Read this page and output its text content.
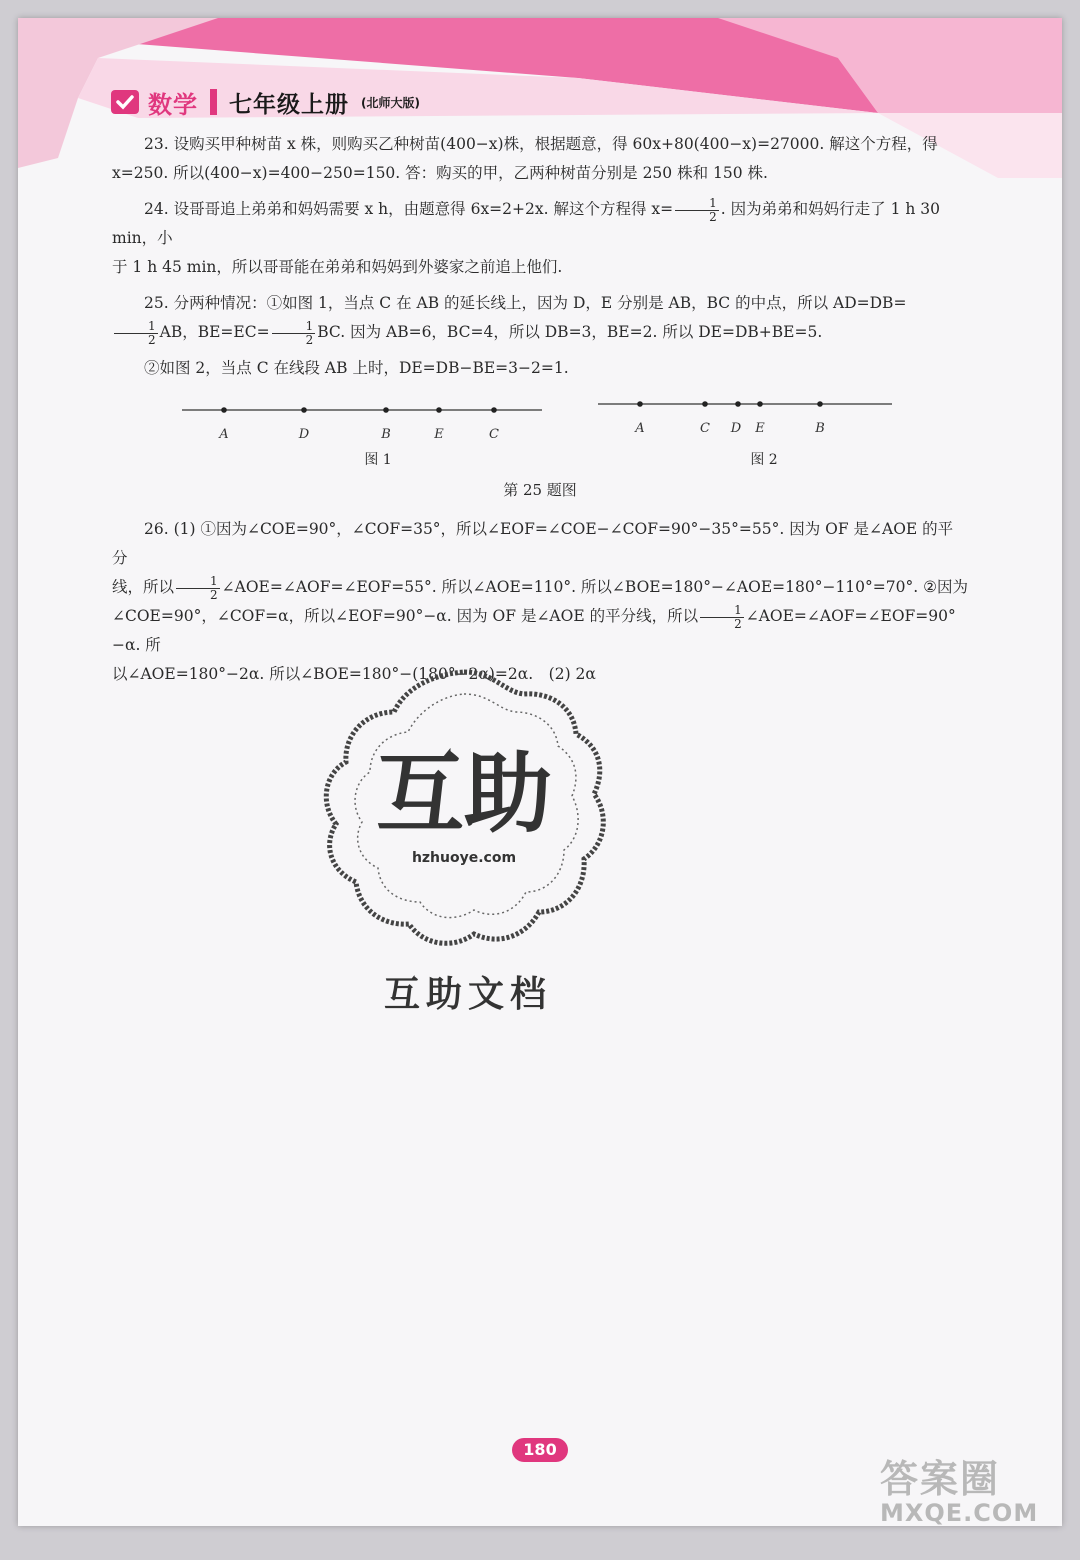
数学 七年级上册 (北师大版)

23. 设购买甲种树苗 x 株，则购买乙种树苗(400−x)株，根据题意，得 60x+80(400−x)=27000. 解这个方程，得
x=250. 所以(400−x)=400−250=150. 答：购买的甲，乙两种树苗分别是 250 株和 150 株.

24. 设哥哥追上弟弟和妈妈需要 x h，由题意得 6x=2+2x. 解这个方程得 $x= \frac{1}{2}$ . 因为弟弟和妈妈行走了 1 h 30 min，小
于 1 h 45 min，所以哥哥能在弟弟和妈妈到外婆家之前追上他们.

25. 分两种情况：①如图 1，当点 C 在 AB 的延长线上，因为 D，E 分别是 AB，BC 的中点，所以 AD=DB=

$\frac{1}{2}$ AB，$BE=EC= \frac{1}{2}$ BC. 因为 AB=6，BC=4，所以 DB=3，BE=2. 所以 DE=DB+BE=5.

②如图 2，当点 C 在线段 AB 上时，DE=DB−BE=3−2=1.

A	D	B	E	C
图 1
A	C D E	B
图 2
第 25 题图

26. (1) ①因为∠COE=90°，∠COF=35°，所以∠EOF=∠COE−∠COF=90°−35°=55°. 因为 OF 是∠AOE 的平分
线，所以 $\frac{1}{2}$ ∠AOE=∠AOF=∠EOF=55°. 所以∠AOE=110°. 所以∠BOE=180°−∠AOE=180°−110°=70°. ②因为
∠COE=90°，∠COF=α，所以∠EOF=90°−α. 因为 OF 是∠AOE 的平分线，所以 $\frac{1}{2}$ ∠AOE=∠AOF=∠EOF=90°−α. 所
以∠AOE=180°−2α. 所以∠BOE=180°−(180°−2α)=2α.　(2) 2α

互助
hzhuoye.com
互助文档
180
答案圈
MXQE.COM
